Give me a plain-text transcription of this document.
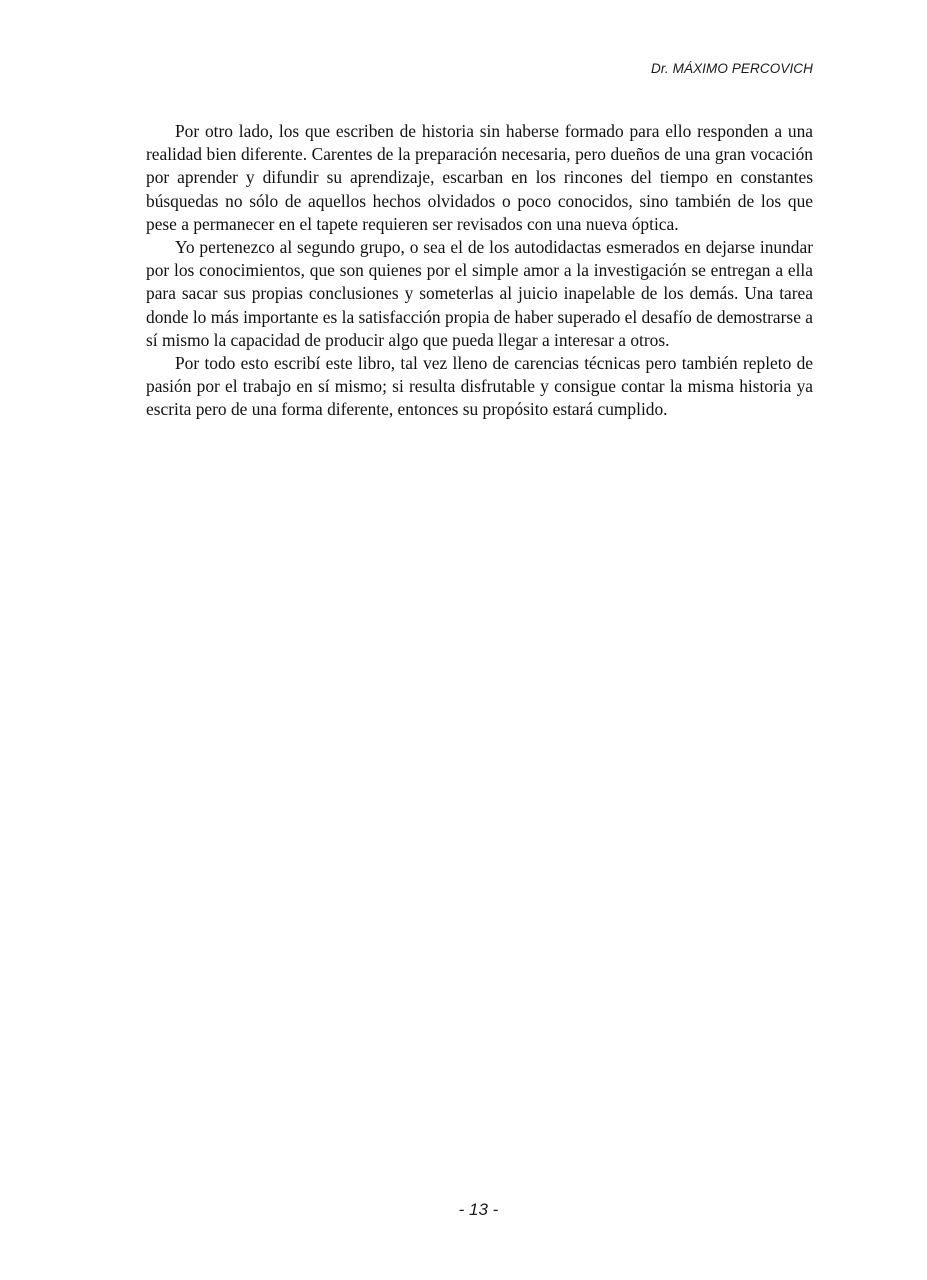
Dr. MÁXIMO PERCOVICH

Por otro lado, los que escriben de historia sin haberse formado para ello responden a una realidad bien diferente. Carentes de la preparación necesaria, pero dueños de una gran vocación por aprender y difundir su aprendizaje, escarban en los rincones del tiempo en constantes búsquedas no sólo de aquellos hechos olvidados o poco conocidos, sino también de los que pese a permanecer en el tapete requieren ser revisados con una nueva óptica.

Yo pertenezco al segundo grupo, o sea el de los autodidactas esmerados en dejarse inundar por los conocimientos, que son quienes por el simple amor a la investigación se entregan a ella para sacar sus propias conclusiones y someterlas al juicio inapelable de los demás. Una tarea donde lo más importante es la satisfacción propia de haber superado el desafío de demostrarse a sí mismo la capacidad de producir algo que pueda llegar a interesar a otros.

Por todo esto escribí este libro, tal vez lleno de carencias técnicas pero también repleto de pasión por el trabajo en sí mismo; si resulta disfrutable y consigue contar la misma historia ya escrita pero de una forma diferente, entonces su propósito estará cumplido.

- 13 -
